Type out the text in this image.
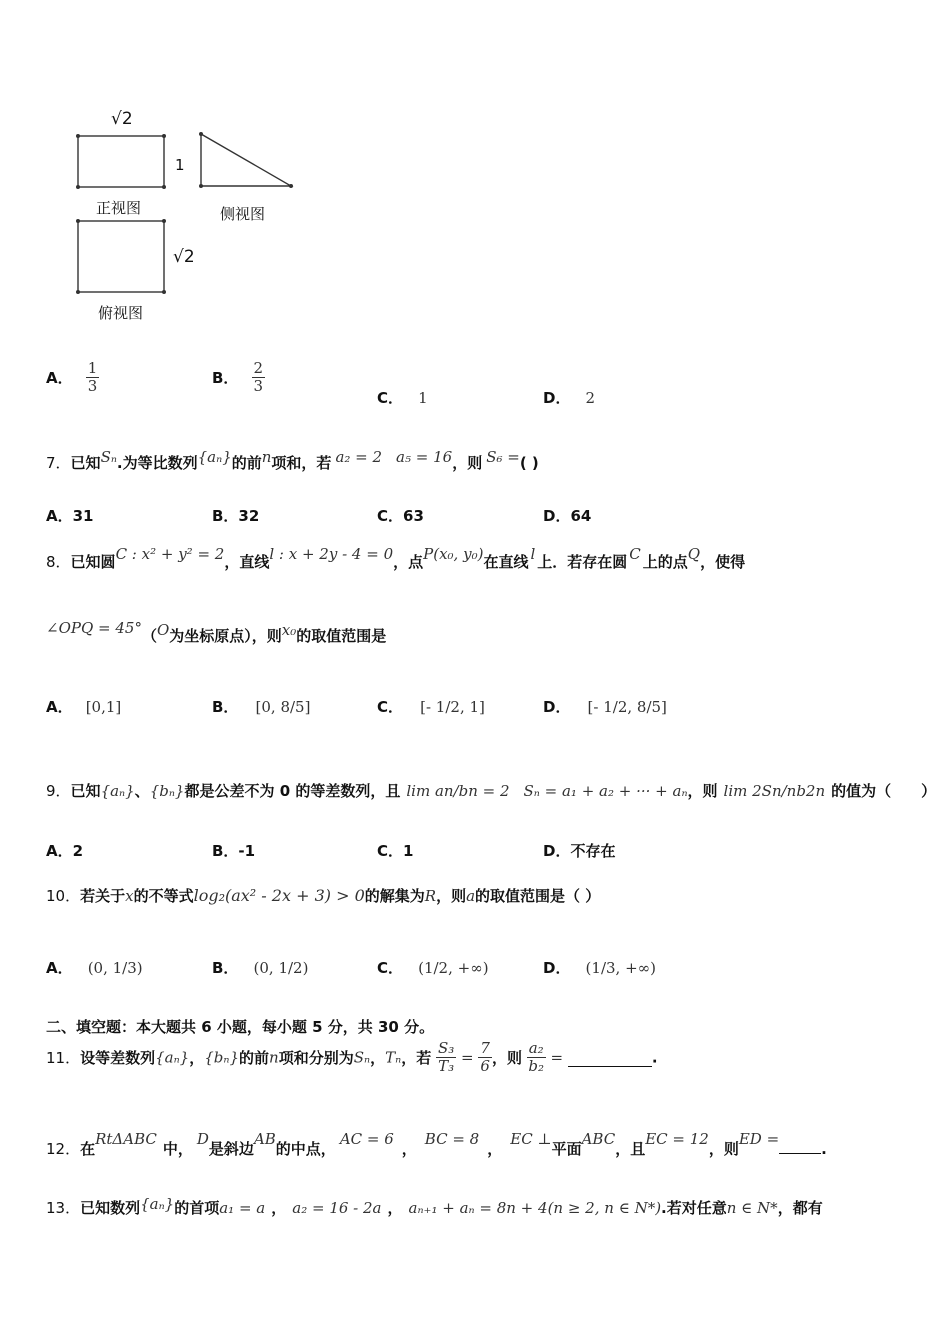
√2
1
正视图	侧视图
√2
俯视图
A． $\frac{1}{3}$	B． $\frac{2}{3}$
C． 1	D． 2
7．已知Sₙ.为等比数列{aₙ}的前n项和，若 a₂ = 2 a₅ = 16，则 S₆ =( )
A．31	B．32	C．63	D．64
8．已知圆C : x² + y² = 2，直线l : x + 2y - 4 = 0，点P(x₀, y₀)在直线 l 上．若存在圆 C 上的点Q，使得
∠OPQ = 45°（O为坐标原点），则x₀的取值范围是
A． [0,1]	B． [0, 8/5]	C． [- 1/2, 1]	D． [- 1/2, 8/5]
9．已知{aₙ}、{bₙ}都是公差不为 0 的等差数列，且 lim an/bn = 2 Sₙ = a₁ + a₂ + ··· + aₙ，则 lim 2Sn/nb2n 的值为（　　）
A．2	B．-1	C．1	D．不存在
10．若关于x的不等式log₂(ax² - 2x + 3) > 0的解集为R，则a的取值范围是（ ）
A． (0, 1/3)	B． (0, 1/2)	C． (1/2, +∞)	D． (1/3, +∞)
二、填空题：本大题共 6 小题，每小题 5 分，共 30 分。
11．设等差数列{aₙ}，{bₙ}的前n项和分别为Sₙ，Tₙ，若 $\frac{\text{S₃}}{\text{T₃}} = \frac{7}{6}$ ，则 $\frac{\text{a₂}}{\text{b₂}}$ =	.
12．在RtΔABC中，D是斜边AB的中点，AC = 6，BC = 8，EC ⊥平面ABC，且EC = 12，则ED =.
13．已知数列{aₙ}的首项a₁ = a ， a₂ = 16 - 2a ， aₙ₊₁ + aₙ = 8n + 4(n ≥ 2, n ∈ N*).若对任意n ∈ N*，都有
